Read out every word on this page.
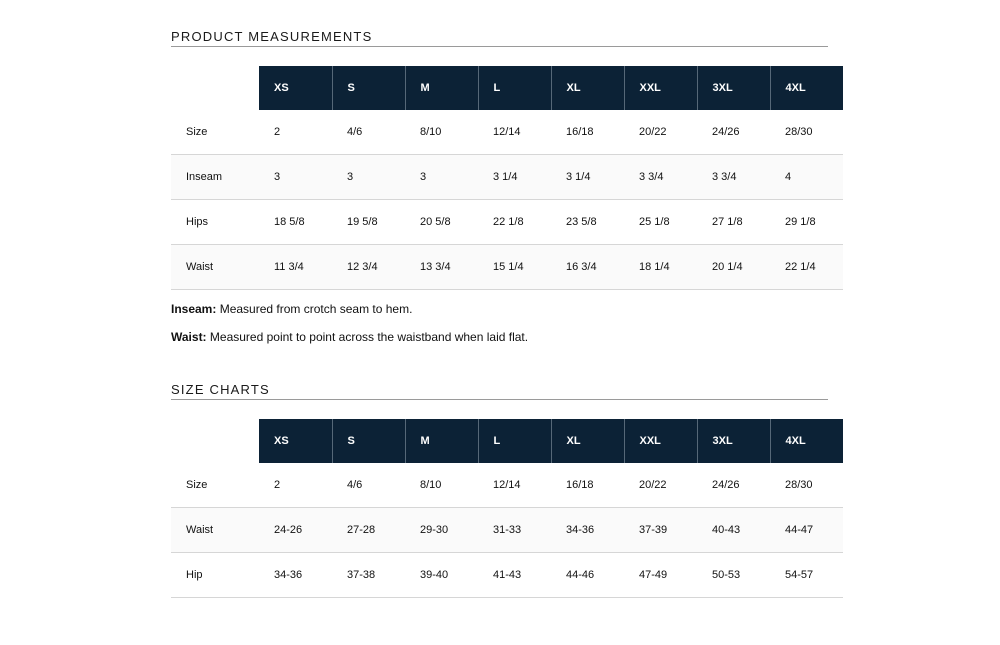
PRODUCT MEASUREMENTS
	XS	S	M	L	XL	XXL	3XL	4XL
Size	2	4/6	8/10	12/14	16/18	20/22	24/26	28/30
Inseam	3	3	3	3 1/4	3 1/4	3 3/4	3 3/4	4
Hips	18 5/8	19 5/8	20 5/8	22 1/8	23 5/8	25 1/8	27 1/8	29 1/8
Waist	11 3/4	12 3/4	13 3/4	15 1/4	16 3/4	18 1/4	20 1/4	22 1/4
Inseam: Measured from crotch seam to hem.
Waist: Measured point to point across the waistband when laid flat.
SIZE CHARTS
	XS	S	M	L	XL	XXL	3XL	4XL
Size	2	4/6	8/10	12/14	16/18	20/22	24/26	28/30
Waist	24-26	27-28	29-30	31-33	34-36	37-39	40-43	44-47
Hip	34-36	37-38	39-40	41-43	44-46	47-49	50-53	54-57
